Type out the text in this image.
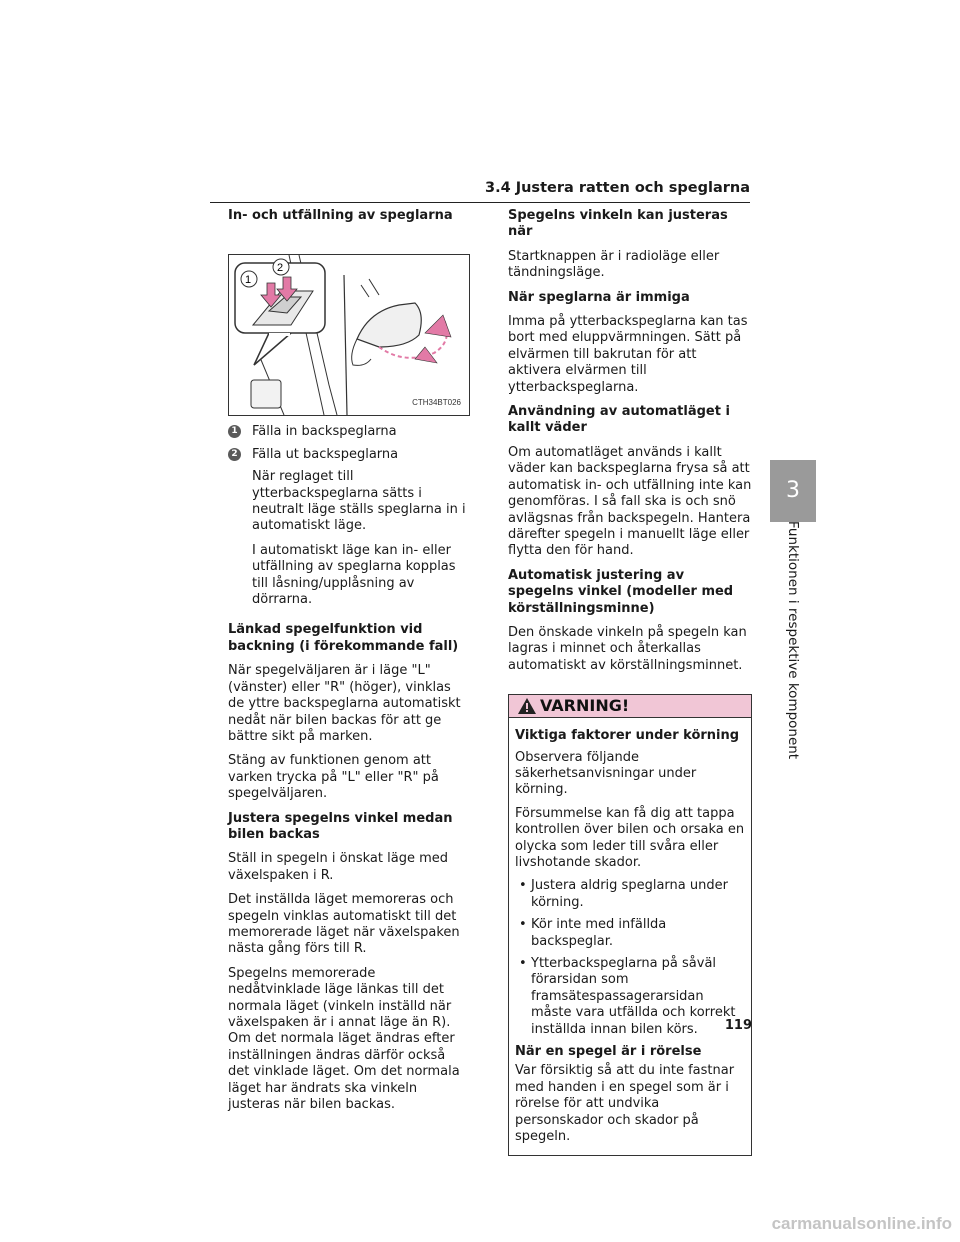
3.4 Justera ratten och speglarna
In- och utfällning av speglarna
1
2
CTH34BT026
1 Fälla in backspeglarna
2 Fälla ut backspeglarna

När reglaget till ytterbackspeglarna sätts i neutralt läge ställs speglarna in i automatiskt läge.

I automatiskt läge kan in- eller utfällning av speglarna kopplas till låsning/upplåsning av dörrarna.

Länkad spegelfunktion vid backning (i förekommande fall)

När spegelväljaren är i läge "L" (vänster) eller "R" (höger), vinklas de yttre backspeglarna automatiskt nedåt när bilen backas för att ge bättre sikt på marken.

Stäng av funktionen genom att varken trycka på "L" eller "R" på spegelväljaren.

Justera spegelns vinkel medan bilen backas

Ställ in spegeln i önskat läge med växelspaken i R.

Det inställda läget memoreras och spegeln vinklas automatiskt till det memorerade läget när växelspaken nästa gång förs till R.

Spegelns memorerade nedåtvinklade läge länkas till det normala läget (vinkeln inställd när växelspaken är i annat läge än R). Om det normala läget ändras efter inställningen ändras därför också det vinklade läget. Om det normala läget har ändrats ska vinkeln justeras när bilen backas.

Spegelns vinkeln kan justeras när

Startknappen är i radioläge eller tändningsläge.

När speglarna är immiga

Imma på ytterbackspeglarna kan tas bort med eluppvärmningen. Sätt på elvärmen till bakrutan för att aktivera elvärmen till ytterbackspeglarna.

Användning av automatläget i kallt väder

Om automatläget används i kallt väder kan backspeglarna frysa så att automatisk in- och utfällning inte kan genomföras. I så fall ska is och snö avlägsnas från backspegeln. Hantera därefter spegeln i manuellt läge eller flytta den för hand.

Automatisk justering av spegelns vinkel (modeller med körställningsminne)

Den önskade vinkeln på spegeln kan lagras i minnet och återkallas automatiskt av körställningsminnet.

VARNING!
Viktiga faktorer under körning

Observera följande säkerhetsanvisningar under körning.

Försummelse kan få dig att tappa kontrollen över bilen och orsaka en olycka som leder till svåra eller livshotande skador.

• Justera aldrig speglarna under körning.
• Kör inte med infällda backspeglar.
• Ytterbackspeglarna på såväl förarsidan som framsätespassagerarsidan måste vara utfällda och korrekt inställda innan bilen körs.
När en spegel är i rörelse

Var försiktig så att du inte fastnar med handen i en spegel som är i rörelse för att undvika personskador och skador på spegeln.

3
Funktionen i respektive komponent
119
carmanualsonline.info
